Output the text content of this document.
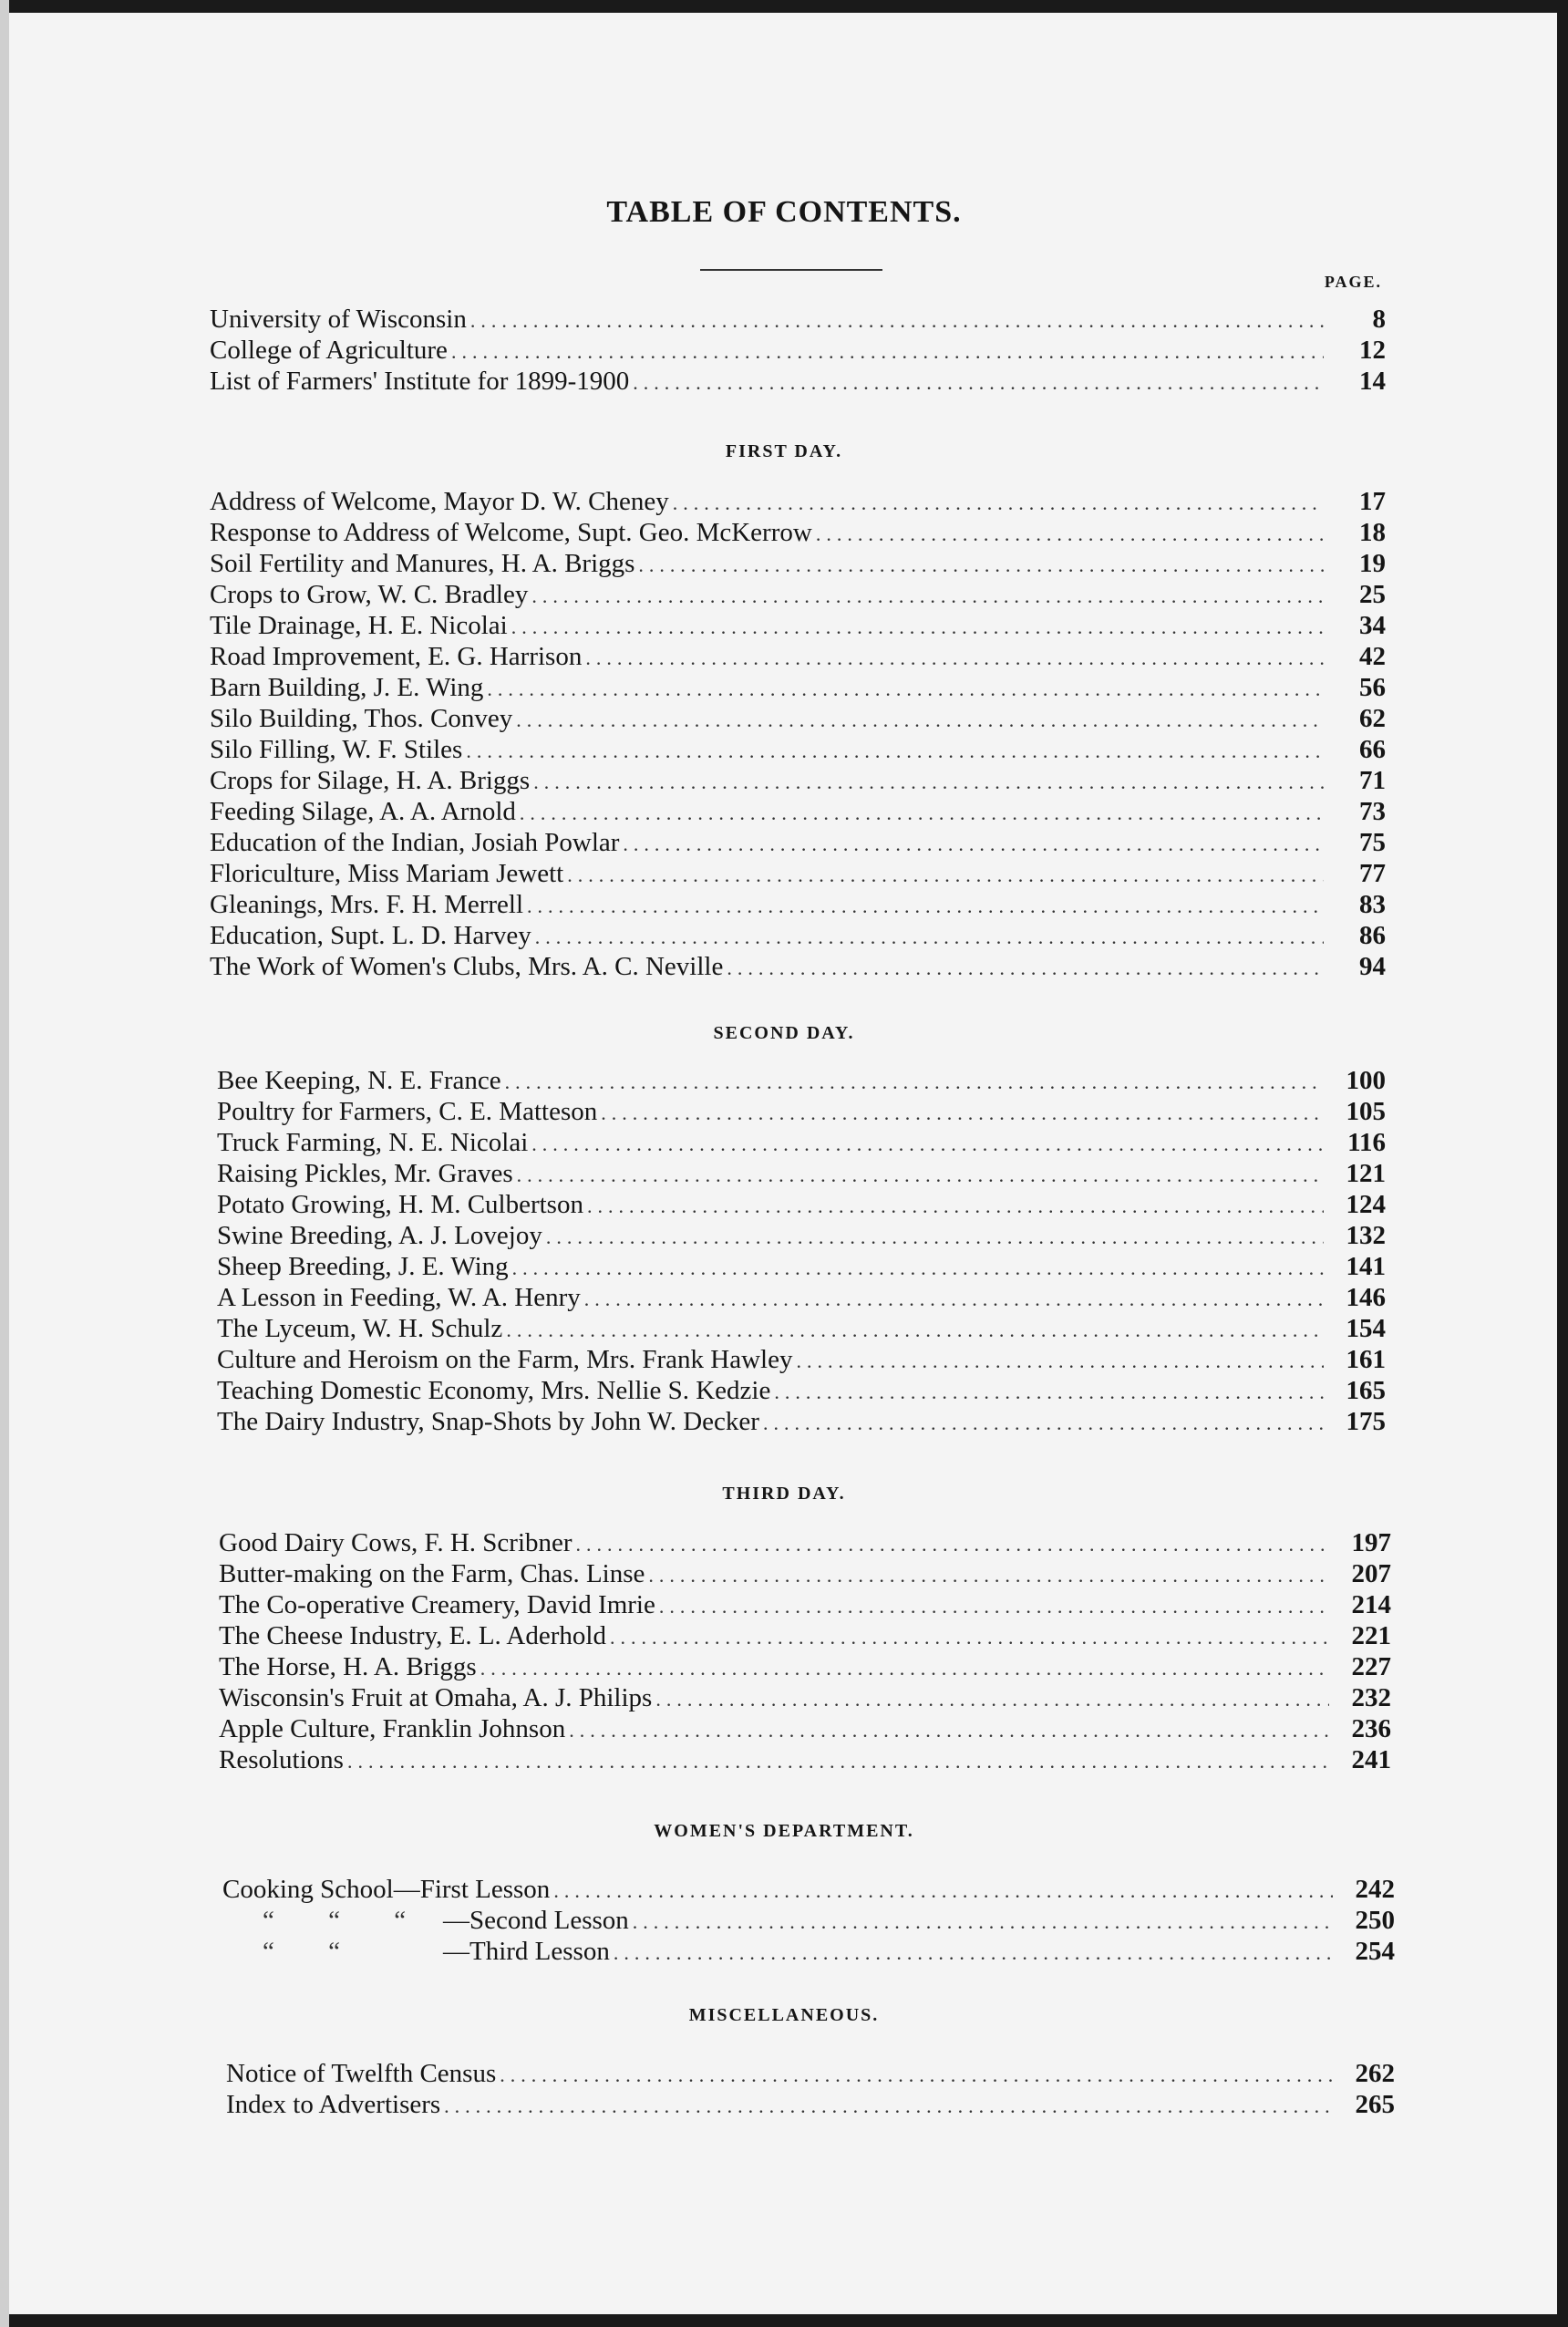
TABLE OF CONTENTS.
PAGE.
University of Wisconsin .....	8
College of Agriculture .....	12
List of Farmers' Institute for 1899-1900 .....	14
FIRST DAY.
Address of Welcome, Mayor D. W. Cheney .....	17
Response to Address of Welcome, Supt. Geo. McKerrow .....	18
Soil Fertility and Manures, H. A. Briggs .....	19
Crops to Grow, W. C. Bradley .....	25
Tile Drainage, H. E. Nicolai .....	34
Road Improvement, E. G. Harrison .....	42
Barn Building, J. E. Wing .....	56
Silo Building, Thos. Convey .....	62
Silo Filling, W. F. Stiles .....	66
Crops for Silage, H. A. Briggs .....	71
Feeding Silage, A. A. Arnold .....	73
Education of the Indian, Josiah Powlar .....	75
Floriculture, Miss Mariam Jewett .....	77
Gleanings, Mrs. F. H. Merrell .....	83
Education, Supt. L. D. Harvey .....	86
The Work of Women's Clubs, Mrs. A. C. Neville .....	94
SECOND DAY.
Bee Keeping, N. E. France .....	100
Poultry for Farmers, C. E. Matteson .....	105
Truck Farming, N. E. Nicolai .....	116
Raising Pickles, Mr. Graves .....	121
Potato Growing, H. M. Culbertson .....	124
Swine Breeding, A. J. Lovejoy .....	132
Sheep Breeding, J. E. Wing .....	141
A Lesson in Feeding, W. A. Henry .....	146
The Lyceum, W. H. Schulz .....	154
Culture and Heroism on the Farm, Mrs. Frank Hawley .....	161
Teaching Domestic Economy, Mrs. Nellie S. Kedzie .....	165
The Dairy Industry, Snap-Shots by John W. Decker .....	175
THIRD DAY.
Good Dairy Cows, F. H. Scribner .....	197
Butter-making on the Farm, Chas. Linse .....	207
The Co-operative Creamery, David Imrie .....	214
The Cheese Industry, E. L. Aderhold .....	221
The Horse, H. A. Briggs .....	227
Wisconsin's Fruit at Omaha, A. J. Philips .....	232
Apple Culture, Franklin Johnson .....	236
Resolutions .....	241
WOMEN'S DEPARTMENT.
Cooking School—First Lesson .....	242
“ “ “ —Second Lesson .....	250
“ “	—Third Lesson .....	254
MISCELLANEOUS.
Notice of Twelfth Census .....	262
Index to Advertisers .....	265
